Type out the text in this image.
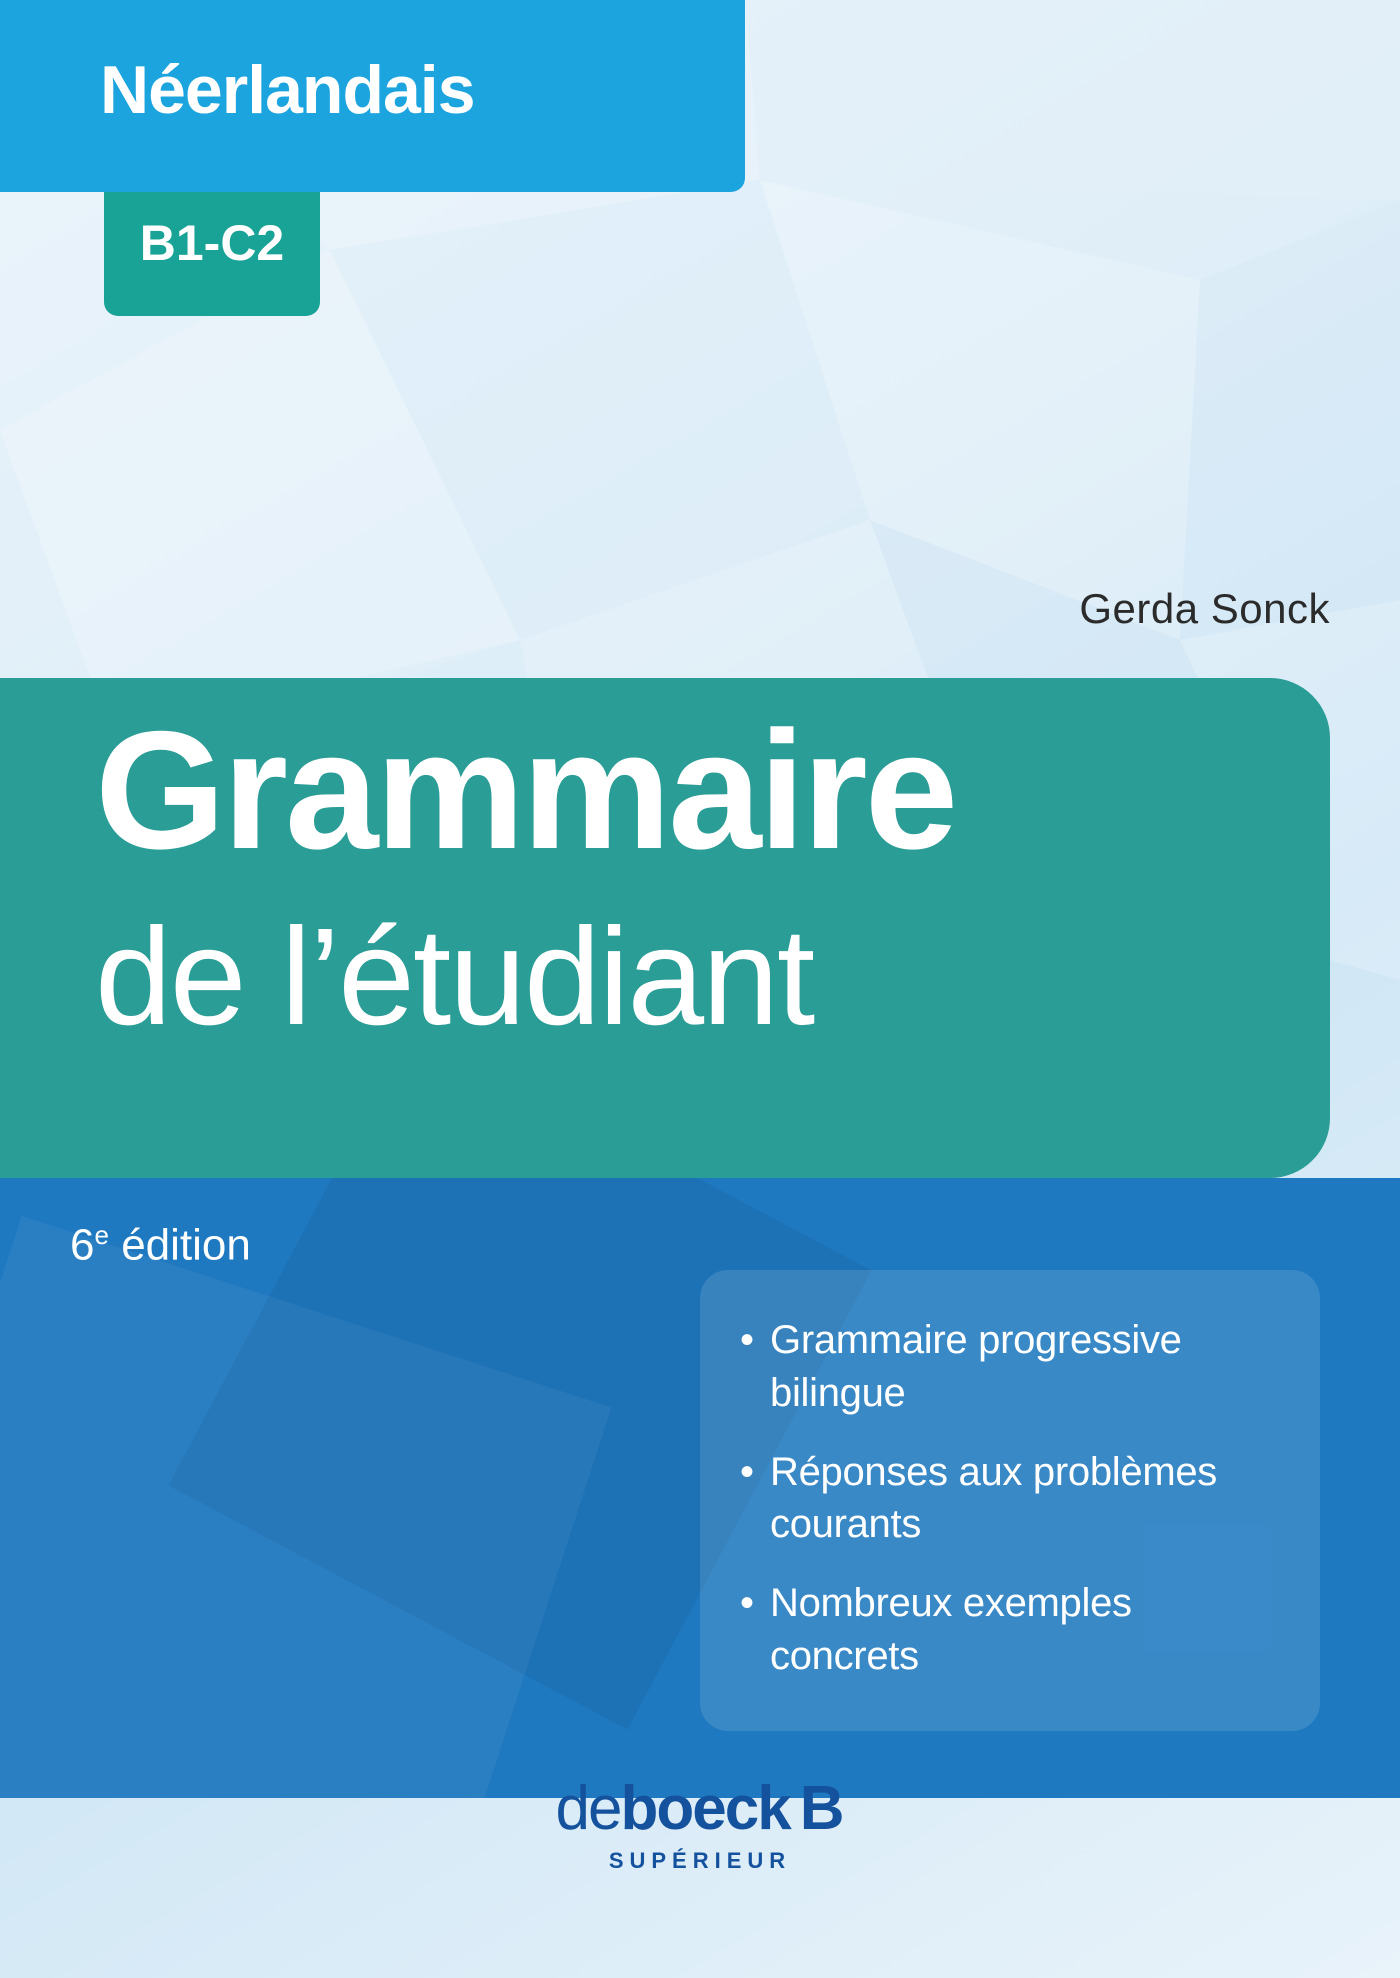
Néerlandais
B1-C2
Gerda Sonck
Grammaire
de l’étudiant
6e édition
• Grammaire progressive bilingue
• Réponses aux problèmes courants
• Nombreux exemples concrets
deboeck B
SUPÉRIEUR
